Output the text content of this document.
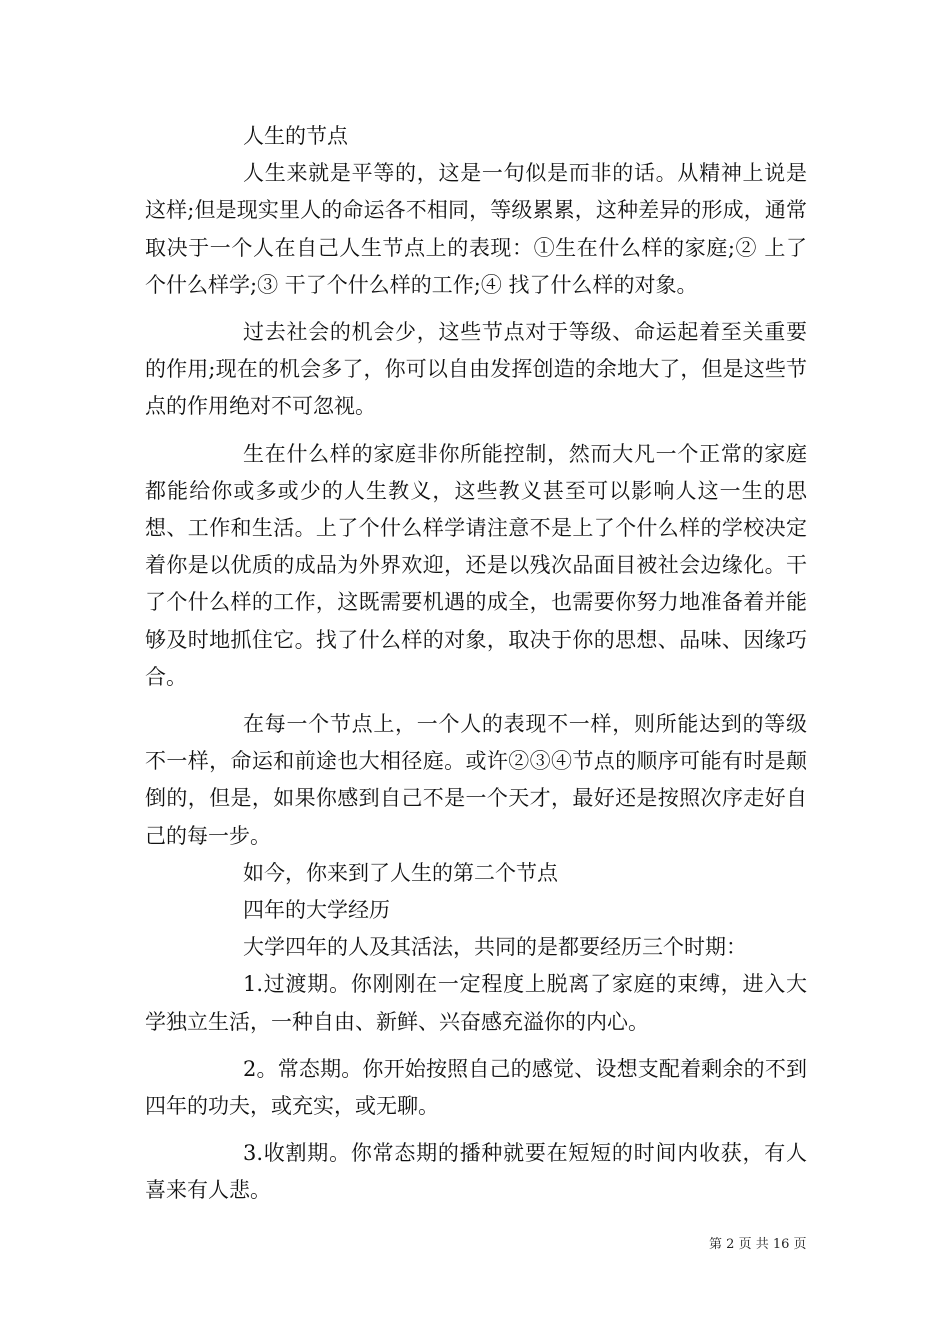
人生的节点

人生来就是平等的，这是一句似是而非的话。从精神上说是这样;但是现实里人的命运各不相同，等级累累，这种差异的形成，通常取决于一个人在自己人生节点上的表现：①生在什么样的家庭;② 上了个什么样学;③ 干了个什么样的工作;④ 找了什么样的对象。

过去社会的机会少，这些节点对于等级、命运起着至关重要的作用;现在的机会多了，你可以自由发挥创造的余地大了，但是这些节点的作用绝对不可忽视。

生在什么样的家庭非你所能控制，然而大凡一个正常的家庭都能给你或多或少的人生教义，这些教义甚至可以影响人这一生的思想、工作和生活。上了个什么样学请注意不是上了个什么样的学校决定着你是以优质的成品为外界欢迎，还是以残次品面目被社会边缘化。干了个什么样的工作，这既需要机遇的成全，也需要你努力地准备着并能够及时地抓住它。找了什么样的对象，取决于你的思想、品味、因缘巧合。

在每一个节点上，一个人的表现不一样，则所能达到的等级不一样，命运和前途也大相径庭。或许②③④节点的顺序可能有时是颠倒的，但是，如果你感到自己不是一个天才，最好还是按照次序走好自己的每一步。

如今，你来到了人生的第二个节点

四年的大学经历

大学四年的人及其活法，共同的是都要经历三个时期：

1.过渡期。你刚刚在一定程度上脱离了家庭的束缚，进入大学独立生活，一种自由、新鲜、兴奋感充溢你的内心。

2。常态期。你开始按照自己的感觉、设想支配着剩余的不到四年的功夫，或充实，或无聊。

3.收割期。你常态期的播种就要在短短的时间内收获，有人喜来有人悲。

第 2 页 共 16 页
